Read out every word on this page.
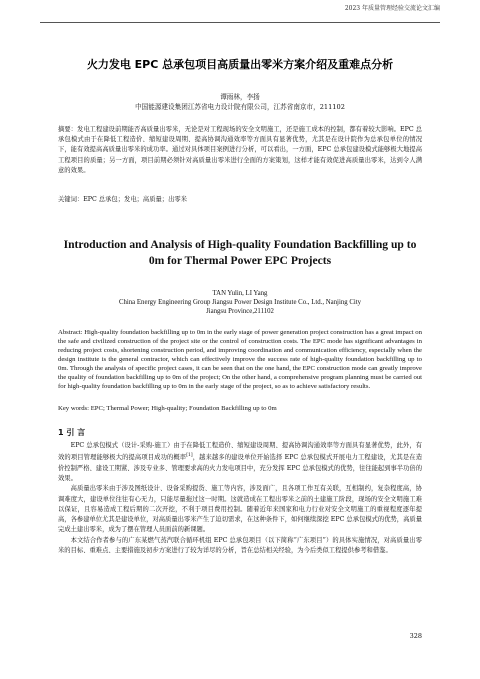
2023 年质量管理经验交流论文汇编
火力发电 EPC 总承包项目高质量出零米方案介绍及重难点分析
谭雨林，李扬
中国能源建设集团江苏省电力设计院有限公司，江苏省南京市，211102
摘要：发电工程建设前期能否高质量出零米，无论是对工程现场的安全文明施工，还是施工成本的控制，都有着较大影响。EPC 总承包模式由于在降低工程造价、缩短建设周期、提高协调沟通效率等方面具有显著优势，尤其是在设计院作为总承包单位的情况下，能有效提高高质量出零米的成功率。通过对具体项目案例进行分析，可以看出，一方面，EPC 总承包建设模式能够极大地提高工程项目的质量；另一方面，项目前期必须针对高质量出零米进行全面的方案策划，这样才能有效促进高质量出零米，达到令人满意的效果。
关键词：EPC 总承包；发电；高质量；出零米
Introduction and Analysis of High-quality Foundation Backfilling up to 0m for Thermal Power EPC Projects
TAN Yulin, LI Yang
China Energy Engineering Group Jiangsu Power Design Institute Co., Ltd., Nanjing City
Jiangsu Province,211102
Abstract: High-quality foundation backfilling up to 0m in the early stage of power generation project construction has a great impact on the safe and civilized construction of the project site or the control of construction costs. The EPC mode has significant advantages in reducing project costs, shortening construction period, and improving coordination and communication efficiency, especially when the design institute is the general contractor, which can effectively improve the success rate of high-quality foundation backfilling up to 0m. Through the analysis of specific project cases, it can be seen that on the one hand, the EPC construction mode can greatly improve the quality of foundation backfilling up to 0m of the project; On the other hand, a comprehensive program planning must be carried out for high-quality foundation backfilling up to 0m in the early stage of the project, so as to achieve satisfactory results.
Key words: EPC; Thermal Power; High-quality; Foundation Backfilling up to 0m
1 引 言

EPC 总承包模式（设计-采购-施工）由于在降低工程造价、缩短建设周期、提高协调沟通效率等方面具有显著优势，此外，有效的项目管理能够极大的提高项目成功的概率[1]，越来越多的建设单位开始选择 EPC 总承包模式开展电力工程建设，尤其是在造价控制严格、建设工期紧、涉及专业多、管理要求高的火力发电项目中，充分发挥 EPC 总承包模式的优势，往往能起到事半功倍的效果。

高质量出零米由于涉及图纸设计、设备采购提货、施工等内容，涉及面广，且各项工作互有关联，互相制约，复杂程度高，协调难度大，建设单位往往有心无力，只能尽量拖过这一时期。这就造成在工程出零米之前的土建施工阶段，现场的安全文明施工难以保证，且容易造成工程后期的二次开挖，不利于项目费用控制。随着近年来国家和电力行业对安全文明施工的重视程度逐年提高，各参建单位尤其是建设单位，对高质量出零米产生了迫切需求，在这种条件下，如何继续深挖 EPC 总承包模式的优势，高质量完成土建出零米，成为了摆在管理人员面前的新课题。

本文结合作者参与的广东某燃气蒸汽联合循环机组 EPC 总承包项目（以下简称“广东项目”）的具体实施情况，对高质量出零米的目标、重难点、主要措施及初步方案进行了较为详尽的分析，旨在总结相关经验，为今后类似工程提供参考和借鉴。

328
